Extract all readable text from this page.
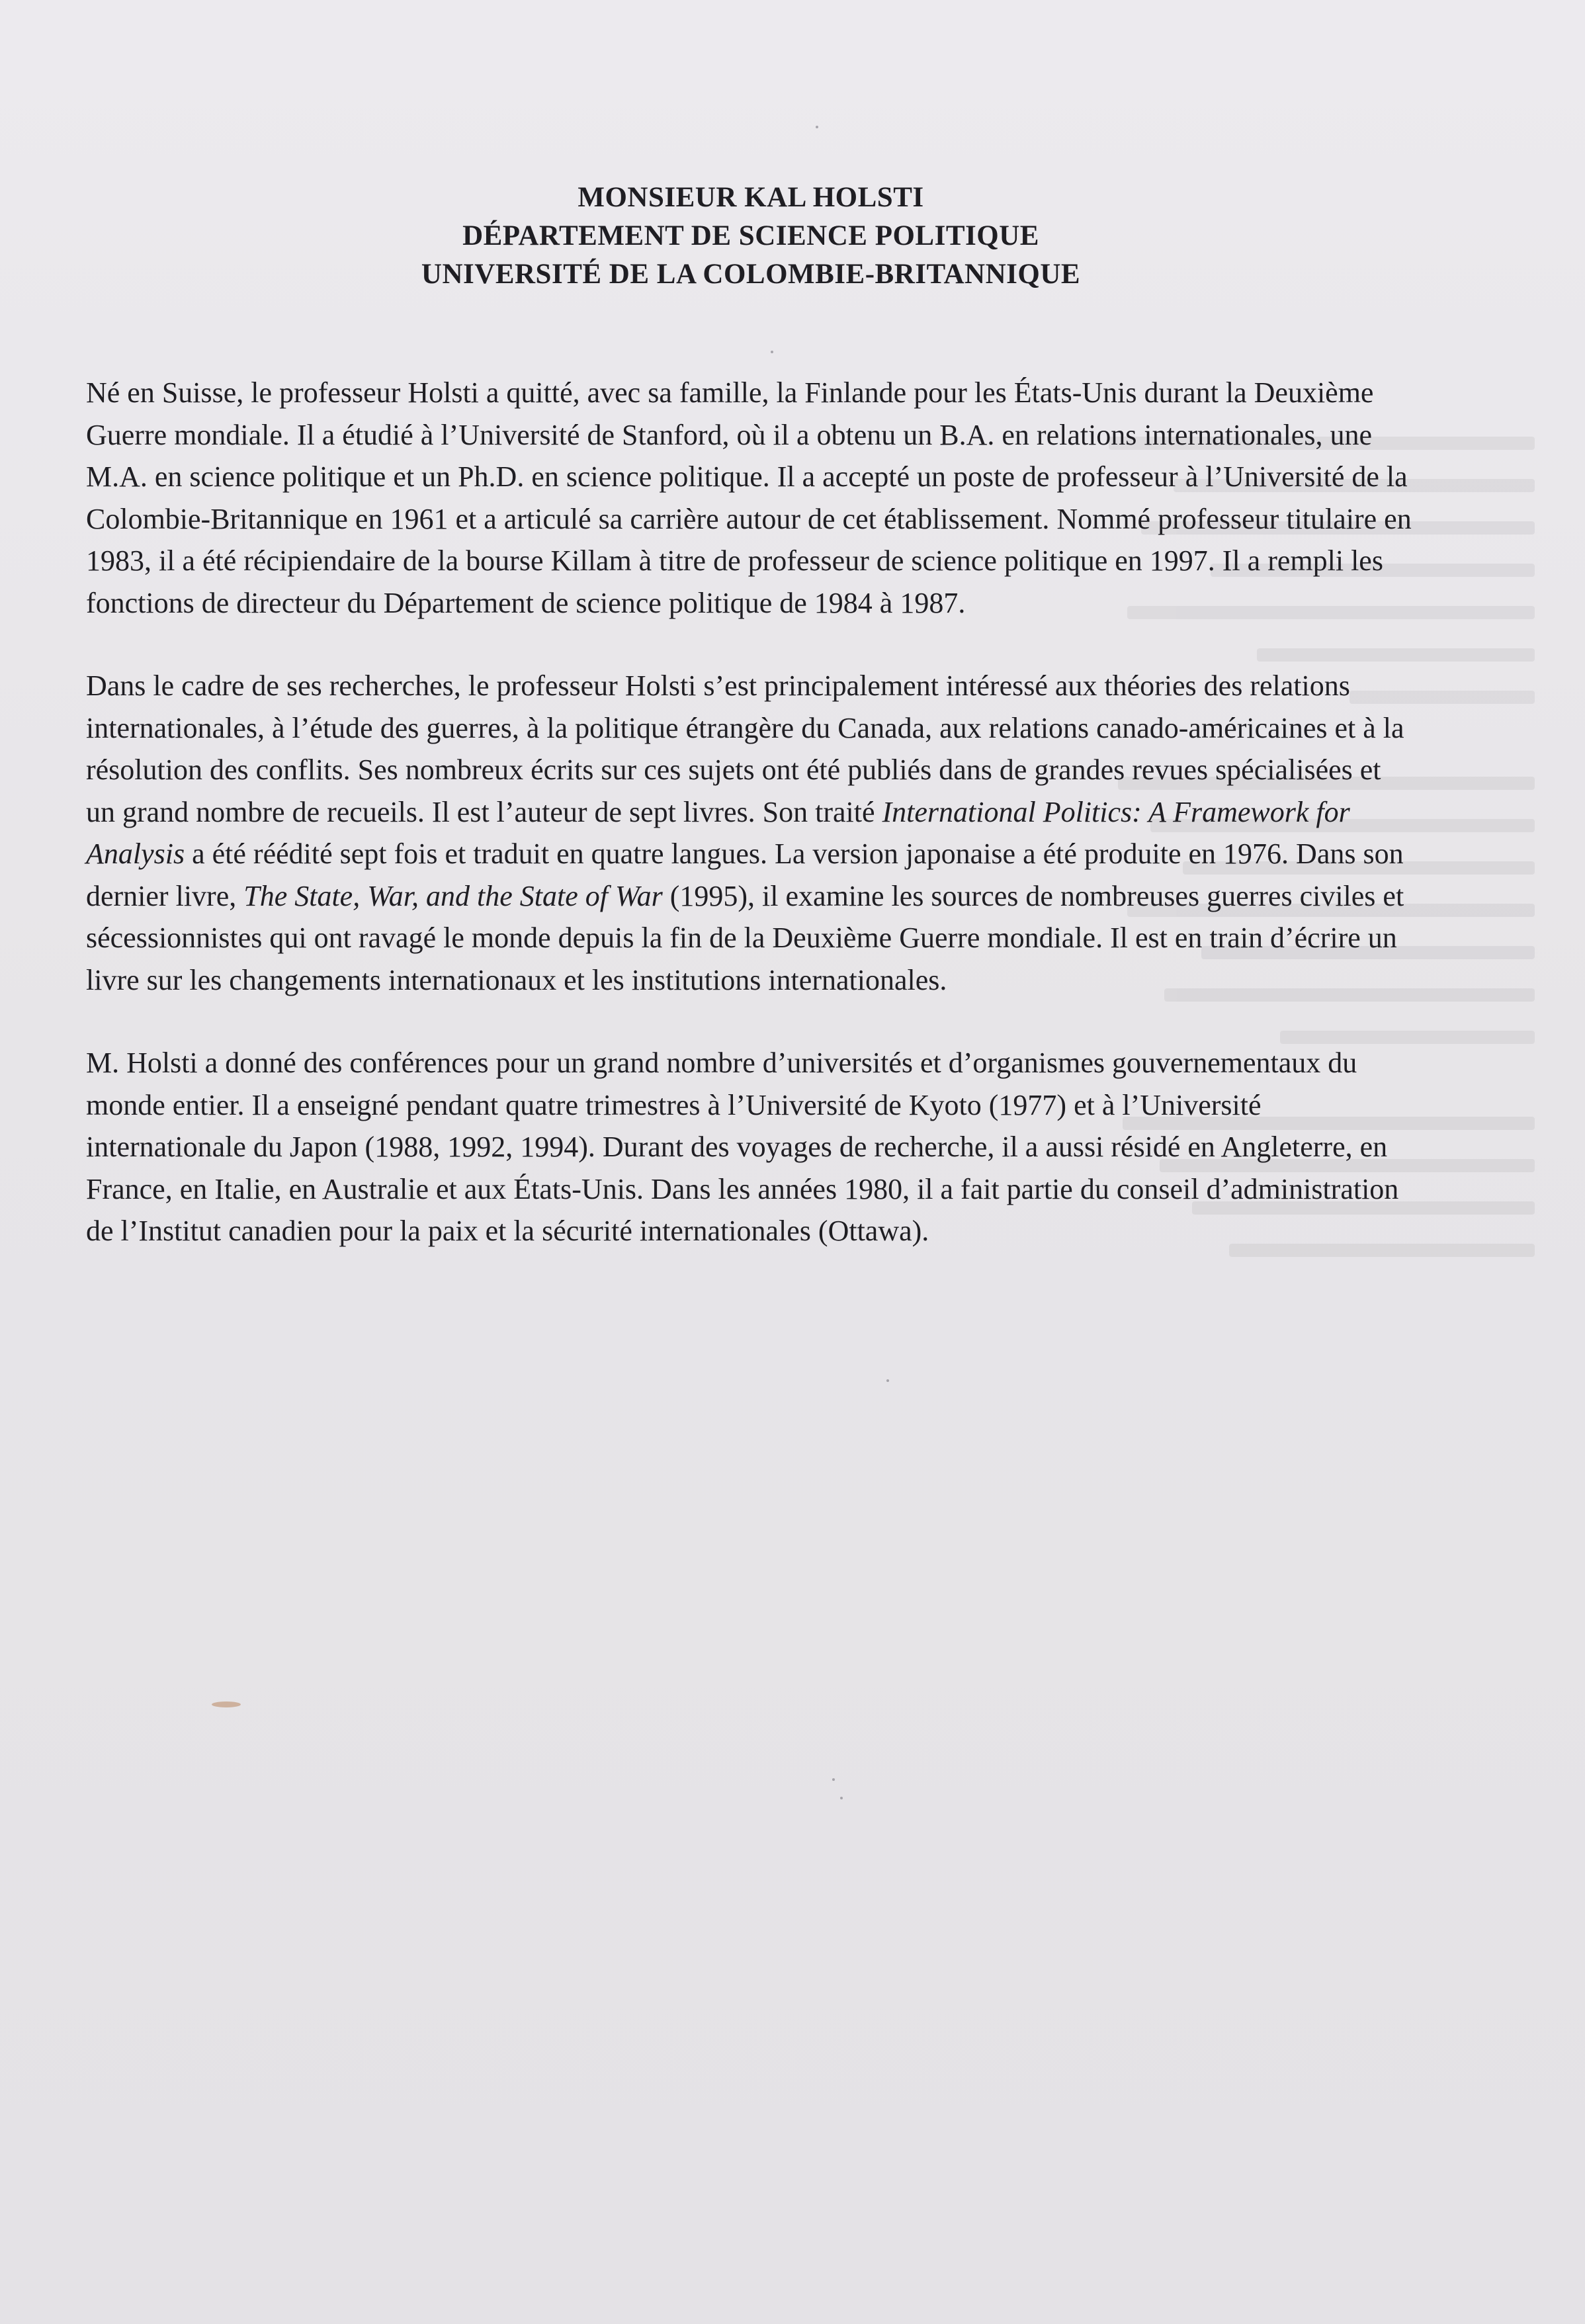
MONSIEUR KAL HOLSTI

DÉPARTEMENT DE SCIENCE POLITIQUE

UNIVERSITÉ DE LA COLOMBIE-BRITANNIQUE

Né en Suisse, le professeur Holsti a quitté, avec sa famille, la Finlande pour les États-Unis durant la Deuxième Guerre mondiale. Il a étudié à l’Université de Stanford, où il a obtenu un B.A. en relations internationales, une M.A. en science politique et un Ph.D. en science politique. Il a accepté un poste de professeur à l’Université de la Colombie-Britannique en 1961 et a articulé sa carrière autour de cet établissement. Nommé professeur titulaire en 1983, il a été récipiendaire de la bourse Killam à titre de professeur de science politique en 1997. Il a rempli les fonctions de directeur du Département de science politique de 1984 à 1987.

Dans le cadre de ses recherches, le professeur Holsti s’est principalement intéressé aux théories des relations internationales, à l’étude des guerres, à la politique étrangère du Canada, aux relations canado-américaines et à la résolution des conflits. Ses nombreux écrits sur ces sujets ont été publiés dans de grandes revues spécialisées et un grand nombre de recueils. Il est l’auteur de sept livres. Son traité International Politics: A Framework for Analysis a été réédité sept fois et traduit en quatre langues. La version japonaise a été produite en 1976. Dans son dernier livre, The State, War, and the State of War (1995), il examine les sources de nombreuses guerres civiles et sécessionnistes qui ont ravagé le monde depuis la fin de la Deuxième Guerre mondiale. Il est en train d’écrire un livre sur les changements internationaux et les institutions internationales.

M. Holsti a donné des conférences pour un grand nombre d’universités et d’organismes gouvernementaux du monde entier. Il a enseigné pendant quatre trimestres à l’Université de Kyoto (1977) et à l’Université internationale du Japon (1988, 1992, 1994). Durant des voyages de recherche, il a aussi résidé en Angleterre, en France, en Italie, en Australie et aux États-Unis. Dans les années 1980, il a fait partie du conseil d’administration de l’Institut canadien pour la paix et la sécurité internationales (Ottawa).
